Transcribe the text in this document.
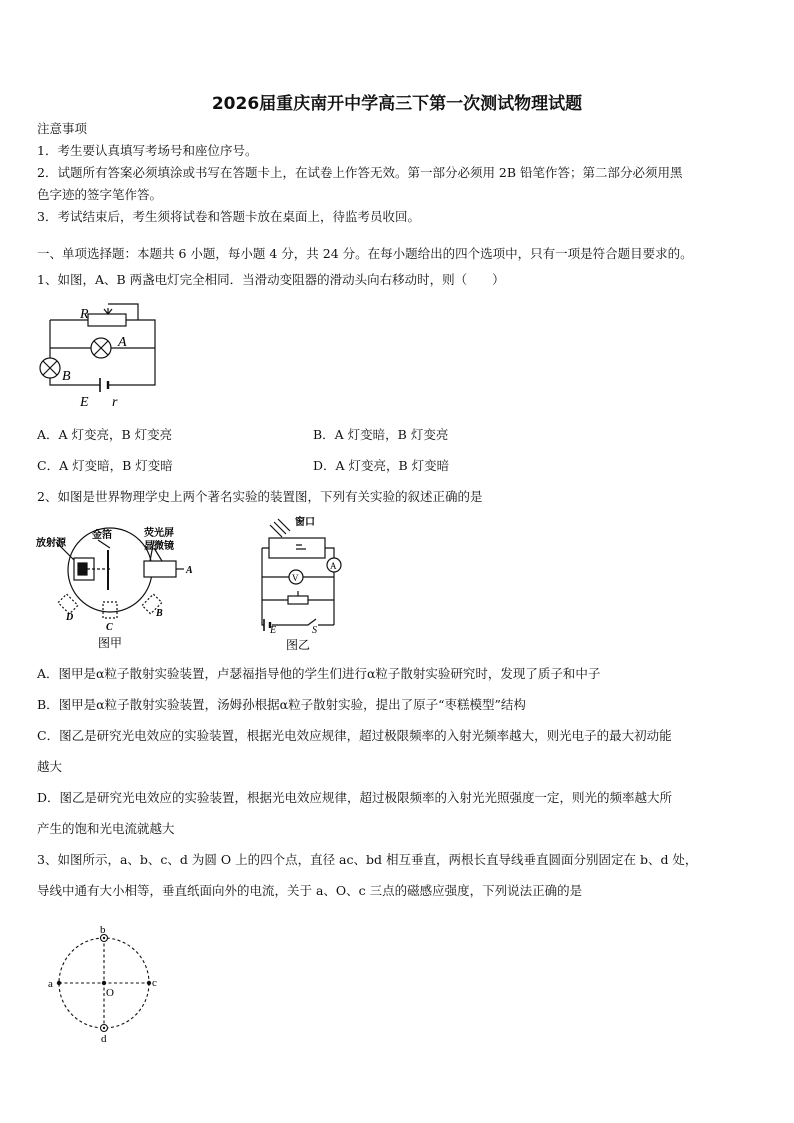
2026届重庆南开中学高三下第一次测试物理试题
注意事项
1．考生要认真填写考场号和座位序号。
2．试题所有答案必须填涂或书写在答题卡上，在试卷上作答无效。第一部分必须用 2B 铅笔作答；第二部分必须用黑
色字迹的签字笔作答。
3．考试结束后，考生须将试卷和答题卡放在桌面上，待监考员收回。
一、单项选择题：本题共 6 小题，每小题 4 分，共 24 分。在每小题给出的四个选项中，只有一项是符合题目要求的。
1、如图，A、B 两盏电灯完全相同．当滑动变阻器的滑动头向右移动时，则（　　）
R
A
B
E r
A．A 灯变亮，B 灯变亮	B．A 灯变暗，B 灯变亮
C．A 灯变暗，B 灯变暗	D．A 灯变亮，B 灯变暗
2、如图是世界物理学史上两个著名实验的装置图，下列有关实验的叙述正确的是
放射源
金箔	荧光屏
显微镜
A
B
C
D
图甲
窗口
V
A
E	S
图乙
A．图甲是α粒子散射实验装置，卢瑟福指导他的学生们进行α粒子散射实验研究时，发现了质子和中子
B．图甲是α粒子散射实验装置，汤姆孙根据α粒子散射实验，提出了原子“枣糕模型”结构
C．图乙是研究光电效应的实验装置，根据光电效应规律，超过极限频率的入射光频率越大，则光电子的最大初动能
越大
D．图乙是研究光电效应的实验装置，根据光电效应规律，超过极限频率的入射光光照强度一定，则光的频率越大所
产生的饱和光电流就越大
3、如图所示，a、b、c、d 为圆 O 上的四个点，直径 ac、bd 相互垂直，两根长直导线垂直圆面分别固定在 b、d 处，
导线中通有大小相等，垂直纸面向外的电流，关于 a、O、c 三点的磁感应强度，下列说法正确的是
b
a	c
d
O
